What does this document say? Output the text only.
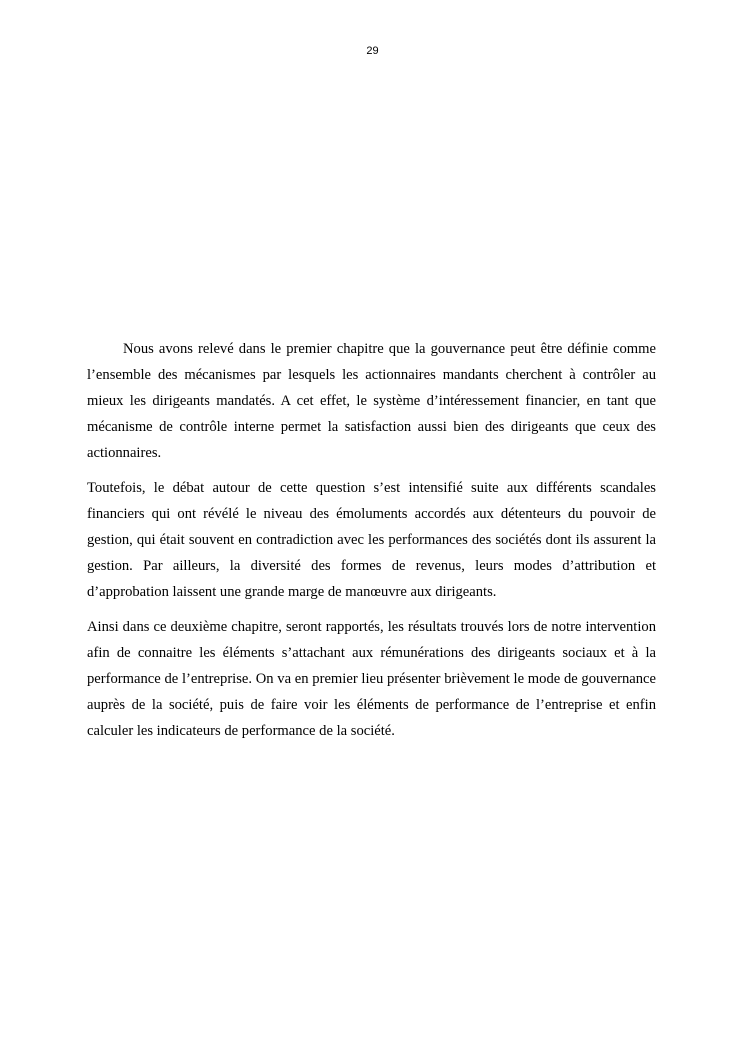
29

Nous avons relevé dans le premier chapitre que la gouvernance peut être définie comme l’ensemble des mécanismes par lesquels les actionnaires mandants cherchent à contrôler au mieux les dirigeants mandatés. A cet effet, le système d’intéressement financier, en tant que mécanisme de contrôle interne permet la satisfaction aussi bien des dirigeants que ceux des actionnaires.

Toutefois, le débat autour de cette question s’est intensifié suite aux différents scandales financiers qui ont révélé le niveau des émoluments accordés aux détenteurs du pouvoir de gestion, qui était souvent en contradiction avec les performances des sociétés dont ils assurent la gestion. Par ailleurs, la diversité des formes de revenus, leurs modes d’attribution et d’approbation laissent une grande marge de manœuvre aux dirigeants.

Ainsi dans ce deuxième chapitre, seront rapportés, les résultats trouvés lors de notre intervention afin de connaitre les éléments s’attachant aux rémunérations des dirigeants sociaux et à la performance de l’entreprise. On va en premier lieu présenter brièvement le mode de gouvernance auprès de la société, puis de faire voir les éléments de performance de l’entreprise et enfin calculer les indicateurs de performance de la société.
